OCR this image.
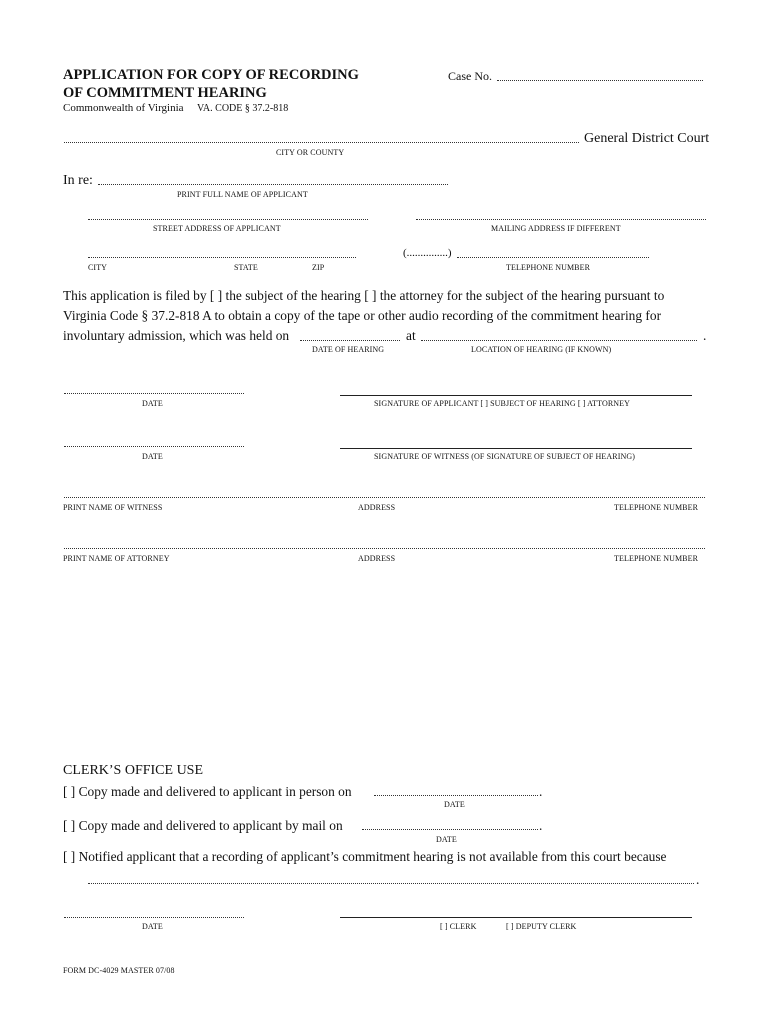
APPLICATION FOR COPY OF RECORDING
OF COMMITMENT HEARING
Commonwealth of Virginia VA. CODE § 37.2-818
Case No.
General District Court
CITY OR COUNTY
In re:
PRINT FULL NAME OF APPLICANT
STREET ADDRESS OF APPLICANT	MAILING ADDRESS IF DIFFERENT
CITY	STATE	ZIP
(...............)
TELEPHONE NUMBER
This application is filed by [ ] the subject of the hearing [ ] the attorney for the subject of the hearing pursuant to
Virginia Code § 37.2-818 A to obtain a copy of the tape or other audio recording of the commitment hearing for
involuntary admission, which was held on	at	.
DATE OF HEARING	LOCATION OF HEARING (IF KNOWN)
DATE	SIGNATURE OF APPLICANT [ ] SUBJECT OF HEARING [ ] ATTORNEY
DATE	SIGNATURE OF WITNESS (OF SIGNATURE OF SUBJECT OF HEARING)
PRINT NAME OF WITNESS	ADDRESS	TELEPHONE NUMBER
PRINT NAME OF ATTORNEY	ADDRESS	TELEPHONE NUMBER
CLERK’S OFFICE USE
[ ] Copy made and delivered to applicant in person on	.
DATE
[ ] Copy made and delivered to applicant by mail on	.
DATE
[ ] Notified applicant that a recording of applicant’s commitment hearing is not available from this court because
.
DATE	[ ] CLERK	[ ] DEPUTY CLERK
FORM DC-4029 MASTER 07/08
